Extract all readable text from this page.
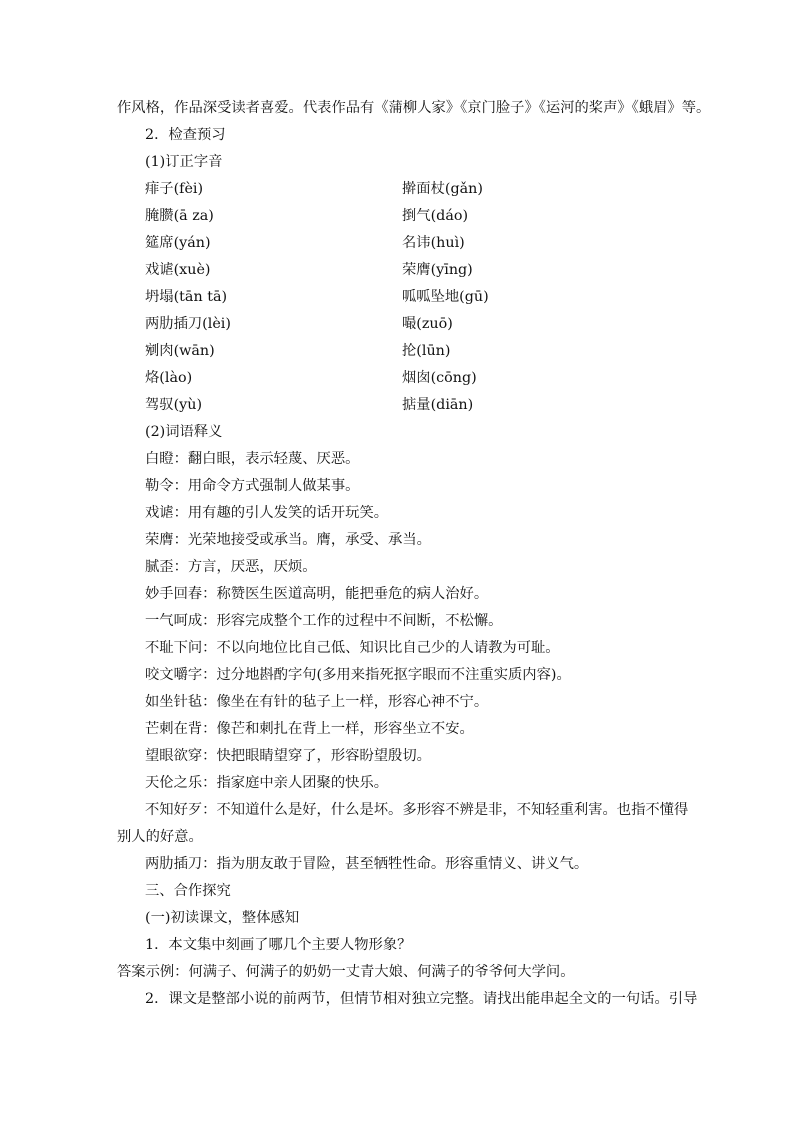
作风格，作品深受读者喜爱。代表作品有《蒲柳人家》《京门脸子》《运河的桨声》《蛾眉》等。
2．检查预习
(1)订正字音
痱子(fèi)	擀面杖(gǎn)
腌臜(ā za)	捯气(dáo)
筵席(yán)	名讳(huì)
戏谑(xuè)	荣膺(yīng)
坍塌(tān tā)	呱呱坠地(gū)
两肋插刀(lèi)	嘬(zuō)
剜肉(wān)	抡(lūn)
烙(lào)	烟囱(cōng)
驾驭(yù)	掂量(diān)
(2)词语释义
白瞪：翻白眼，表示轻蔑、厌恶。
勒令：用命令方式强制人做某事。
戏谑：用有趣的引人发笑的话开玩笑。
荣膺：光荣地接受或承当。膺，承受、承当。
腻歪：方言，厌恶，厌烦。
妙手回春：称赞医生医道高明，能把垂危的病人治好。
一气呵成：形容完成整个工作的过程中不间断，不松懈。
不耻下问：不以向地位比自己低、知识比自己少的人请教为可耻。
咬文嚼字：过分地斟酌字句(多用来指死抠字眼而不注重实质内容)。
如坐针毡：像坐在有针的毡子上一样，形容心神不宁。
芒刺在背：像芒和刺扎在背上一样，形容坐立不安。
望眼欲穿：快把眼睛望穿了，形容盼望殷切。
天伦之乐：指家庭中亲人团聚的快乐。
不知好歹：不知道什么是好，什么是坏。多形容不辨是非，不知轻重利害。也指不懂得
别人的好意。
两肋插刀：指为朋友敢于冒险，甚至牺牲性命。形容重情义、讲义气。
三、合作探究
(一)初读课文，整体感知
1．本文集中刻画了哪几个主要人物形象？
答案示例：何满子、何满子的奶奶一丈青大娘、何满子的爷爷何大学问。
2．课文是整部小说的前两节，但情节相对独立完整。请找出能串起全文的一句话。引导
